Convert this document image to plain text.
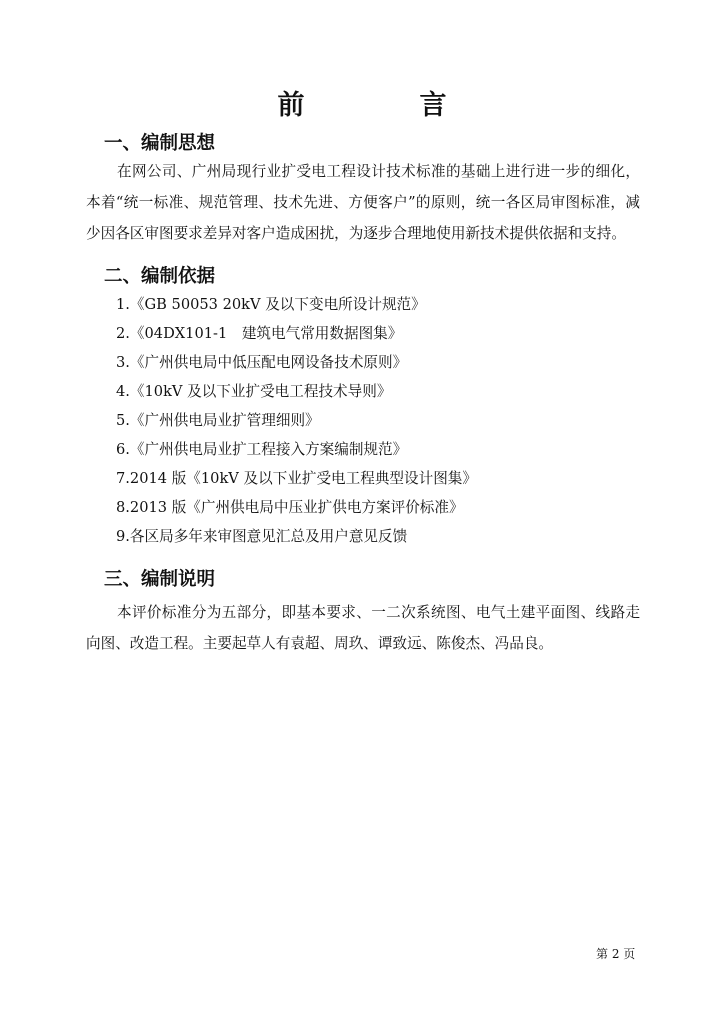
前　言
一、编制思想
在网公司、广州局现行业扩受电工程设计技术标准的基础上进行进一步的细化，本着“统一标准、规范管理、技术先进、方便客户”的原则，统一各区局审图标准，减少因各区审图要求差异对客户造成困扰，为逐步合理地使用新技术提供依据和支持。
二、编制依据
1.《GB 50053 20kV 及以下变电所设计规范》
2.《04DX101-1　建筑电气常用数据图集》
3.《广州供电局中低压配电网设备技术原则》
4.《10kV 及以下业扩受电工程技术导则》
5.《广州供电局业扩管理细则》
6.《广州供电局业扩工程接入方案编制规范》
7.2014 版《10kV 及以下业扩受电工程典型设计图集》
8.2013 版《广州供电局中压业扩供电方案评价标准》
9.各区局多年来审图意见汇总及用户意见反馈
三、编制说明
本评价标准分为五部分，即基本要求、一二次系统图、电气土建平面图、线路走向图、改造工程。主要起草人有袁超、周玖、谭致远、陈俊杰、冯品良。
第 2 页
